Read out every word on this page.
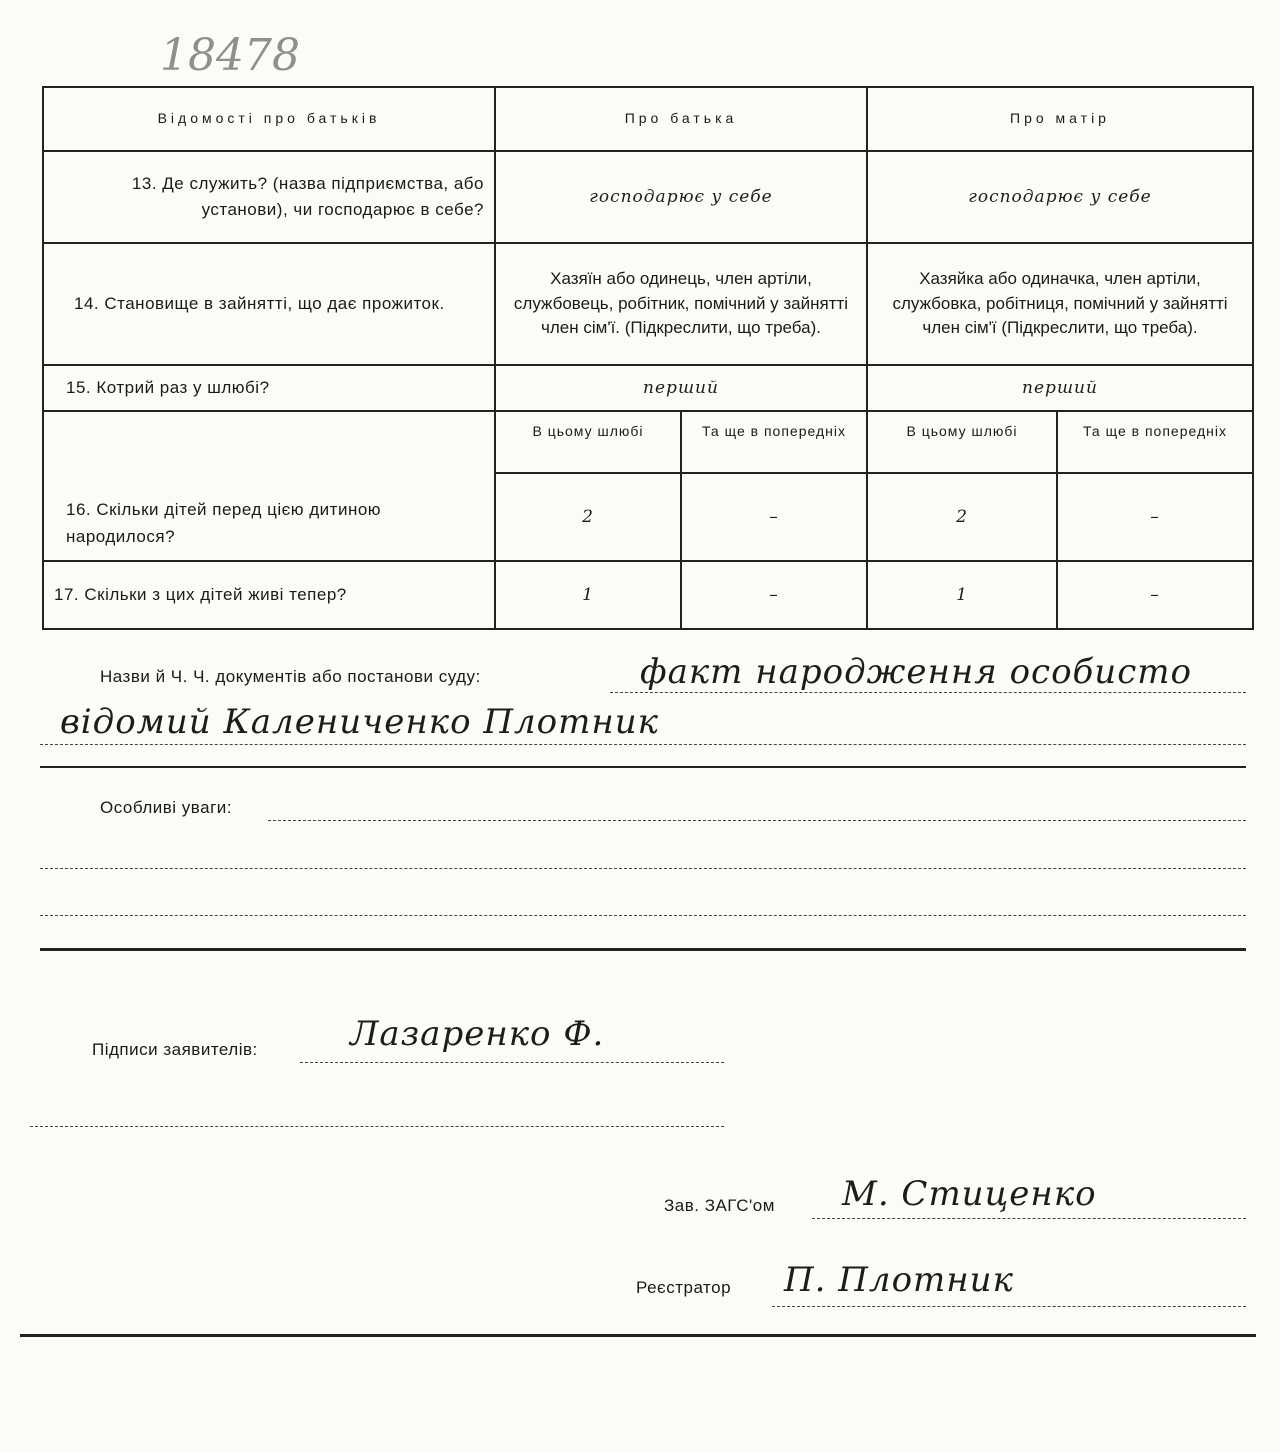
18478
Відомості про батьків	Про батька		Про матір	
13. Де служить? (назва підприємства, або установи), чи господарює в себе?	господарює у себе		господарює у себе	
14. Становище в зайнятті, що дає прожиток.	Хазяїн або одинець, член артіли, службовець, робітник, помічний у зайнятті член сім'ї. (Підкреслити, що треба).		Хазяйка або одиначка, член артіли, службовка, робітниця, помічний у зайнятті член сім'ї (Підкреслити, що треба).	
15. Котрий раз у шлюбі?	перший		перший	
16. Скільки дітей перед цією дитиною народилося?	В цьому шлюбі	Та ще в попередніх	В цьому шлюбі	Та ще в попередніх
	2	–	2	–
17. Скільки з цих дітей живі тепер?	1	–	1	–
Назви й Ч. Ч. документів або постанови суду:	факт народження особисто
відомий Калениченко Плотник
Особливі уваги:
Підписи заявителів:	Лазаренко Ф.
Зав. ЗАГС'ом М. Стиценко
Реєстратор П. Плотник
